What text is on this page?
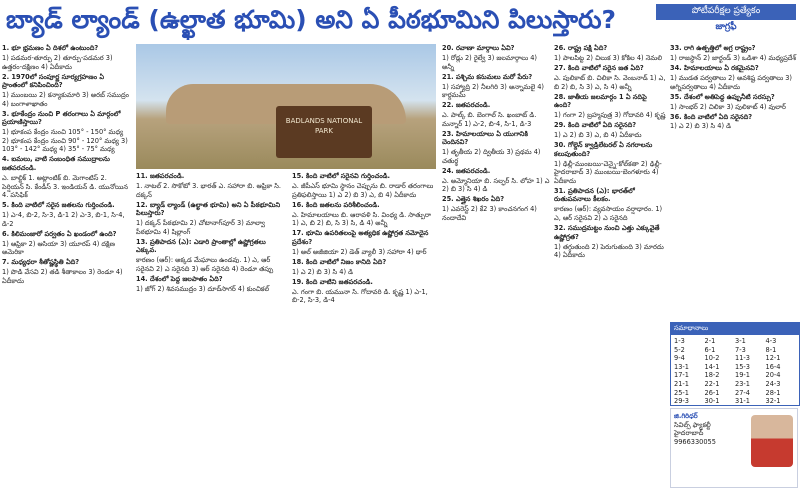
బ్యాడ్ ల్యాండ్ (ఉల్ఖాత భూమి) అని ఏ పీఠభూమిని పిలుస్తారు?	పోటీపరీక్షల ప్రత్యేకం
జాగ్రఫీ
BADLANDS NATIONAL PARK

1. భూ భ్రమణం ఏ దిశలో ఉంటుంది?

1) పడమర-తూర్పు 2) తూర్పు-పడమర 3) ఉత్తరం-దక్షిణం 4) ఏదీకాదు

2. 1970లో సంపూర్ణ సూర్యగ్రహణం ఏ ప్రాంతంలో కనిపించింది?

1) ముంబయి 2) కన్యాకుమారి 3) అరబ్ సముద్రం 4) బంగాళాఖాతం

3. భూకేంద్రం నుంచి P తరంగాలు ఏ మార్గంలో ప్రయాణిస్తాయి?

1) భూకంప కేంద్రం నుంచి 105° - 150° మధ్య 2) భూకంప కేంద్రం నుంచి 90° - 120° మధ్య 3) 103° - 142° మధ్య 4) 35° - 75° మధ్య

4. ఐమలు, వాటి సంబంధిత సముద్రాలను జతపరచండి.

ఎ. బాల్టిక్ 1. అట్లాంటిక్ బి. మెగాంటిస్ 2. పెర్షియన్ సి. కేండీస్ 3. ఇండియన్ డి. యునోయిన 4. పసిఫిక్

5. కింది వాటిలో సరైన జతలను గుర్తించండి.

1) ఎ-4, బి-2, సి-3, డి-1 2) ఎ-3, బి-1, సి-4, డి-2

6. కిలిమంజారో పర్వతం ఏ ఖండంలో ఉంది?

1) ఆఫ్రికా 2) ఆసియా 3) యూరప్ 4) దక్షిణ అమెరికా

7. మధ్యధరా శీతోష్ణస్థితి ఏది?

1) పొడి వేసవి 2) తడి శీతాకాలం 3) రెండూ 4) ఏదీకాదు

11. జతపరచండి.

1. నాటల్ 2. సొకోటో 3. భారత్ ఎ. సహారా బి. ఆఫ్రికా సి. దక్కన్

12. బ్యాడ్ ల్యాండ్ (ఉల్ఖాత భూమి) అని ఏ పీఠభూమిని పిలుస్తారు?

1) దక్కన్ పీఠభూమి 2) చోటానాగ్‌పూర్ 3) మాల్వా పీఠభూమి 4) షిల్లాంగ్

13. ప్రతిపాదన (ఎ): ఎడారి ప్రాంతాల్లో ఉష్ణోగ్రతలు ఎక్కువ.

కారణం (ఆర్): అక్కడ మేఘాలు ఉండవు. 1) ఎ, ఆర్ సరైనవి 2) ఎ సరైనది 3) ఆర్ సరైనది 4) రెండూ తప్పు

14. దేశంలో పెద్ద జలపాతం ఏది?

1) జోగ్ 2) శివసముద్రం 3) దూద్‌సాగర్ 4) కుంచికల్

15. కింది వాటిలో సరైనవి గుర్తించండి.

ఎ. జీపీఎస్ భూమి స్థానం చెప్పును బి. రాడార్ తరంగాలు ప్రతిఫలిస్తాయి 1) ఎ 2) బి 3) ఎ, బి 4) ఏదీకాదు

16. కింది జతలను పరిశీలించండి.

ఎ. హిమాలయాలు బి. ఆరావళి సి. వింధ్య డి. సాత్పురా 1) ఎ, బి 2) బి, సి 3) సి, డి 4) అన్నీ

17. భూమి ఉపరితలంపై అత్యధిక ఉష్ణోగ్రత నమోదైన ప్రదేశం?

1) అల్ అజీజియా 2) డెత్ వ్యాలీ 3) సహారా 4) థార్

18. కింది వాటిలో నిజం కానిది ఏది?

1) ఎ 2) బి 3) సి 4) డి

19. కింది వాటిని జతపరచండి.

ఎ. గంగా బి. యమునా సి. గోదావరి డి. కృష్ణ 1) ఎ-1, బి-2, సి-3, డి-4

20. రవాణా మార్గాలు ఏవి?

1) రోడ్లు 2) రైల్వే 3) జలమార్గాలు 4) అన్నీ

21. పశ్చిమ కనుమలు మరో పేరు?

1) సహ్యాద్రి 2) నీలగిరి 3) అన్నామలై 4) కార్డమమ్

22. జతపరచండి.

ఎ. పాల్క్ బి. బెంగాల్ సి. ఖంబాట్ డి. మన్నార్ 1) ఎ-2, బి-4, సి-1, డి-3

23. హిమాలయాలు ఏ యుగానికి చెందినవి?

1) తృతీయ 2) ద్వితీయ 3) ప్రథమ 4) చతుర్థ

24. జతపరచండి.

ఎ. అమ్మోనియా బి. సల్ఫర్ సి. లోహ 1) ఎ 2) బి 3) సి 4) డి

25. ఎత్తైన శిఖరం ఏది?

1) ఎవరెస్ట్ 2) కే2 3) కాంచనగంగ 4) నందాదేవి

26. రాష్ట్ర పక్షి ఏది?

1) పాలపిట్ట 2) చిలుక 3) కోకిల 4) నెమలి

27. కింది వాటిలో సరైన జత ఏది?

ఎ. పులికాట్ బి. చిలికా సి. వెంబనాడ్ 1) ఎ, బి 2) బి, సి 3) ఎ, సి 4) అన్నీ

28. జాతీయ జలమార్గం 1 ఏ నదిపై ఉంది?

1) గంగా 2) బ్రహ్మపుత్ర 3) గోదావరి 4) కృష్ణ

29. కింది వాటిలో ఏది సరైనది?

1) ఎ 2) బి 3) ఎ, బి 4) ఏదీకాదు

30. గోల్డెన్ క్వాడ్రిలేటరల్ ఏ నగరాలను కలుపుతుంది?

1) ఢిల్లీ-ముంబయి-చెన్నై-కోల్‌కతా 2) ఢిల్లీ-హైదరాబాద్ 3) ముంబయి-బెంగళూరు 4) ఏదీకాదు

31. ప్రతిపాదన (ఎ): భారత్‌లో రుతుపవనాలు కీలకం.

కారణం (ఆర్): వ్యవసాయం వర్షాధారం. 1) ఎ, ఆర్ సరైనవి 2) ఎ సరైనది

32. సముద్రమట్టం నుంచి ఎత్తు ఎక్కువైతే ఉష్ణోగ్రత?

1) తగ్గుతుంది 2) పెరుగుతుంది 3) మారదు 4) ఏదీకాదు

33. రాగి ఉత్పత్తిలో అగ్ర రాష్ట్రం?

1) రాజస్థాన్ 2) జార్ఖండ్ 3) ఒడిశా 4) మధ్యప్రదేశ్

34. హిమాలయాలు ఏ రకమైనవి?

1) ముడత పర్వతాలు 2) అవశిష్ట పర్వతాలు 3) అగ్నిపర్వతాలు 4) ఏదీకాదు

35. దేశంలో అతిపెద్ద ఉప్పునీటి సరస్సు?

1) సాంభర్ 2) చిలికా 3) పులికాట్ 4) వులార్

36. కింది వాటిలో ఏది సరైనది?

1) ఎ 2) బి 3) సి 4) డి

సమాధానాలు
1-3	2-1	3-1	4-3
5-2	6-1	7-3	8-1
9-4	10-2	11-3	12-1
13-1	14-1	15-3	16-4
17-1	18-2	19-1	20-4
21-1	22-1	23-1	24-3
25-1	26-1	27-4	28-1
29-3	30-1	31-1	32-1
జి.గిరిధర్
సివిల్స్ ఫ్యాకల్టీ
హైదరాబాద్
9966330055
